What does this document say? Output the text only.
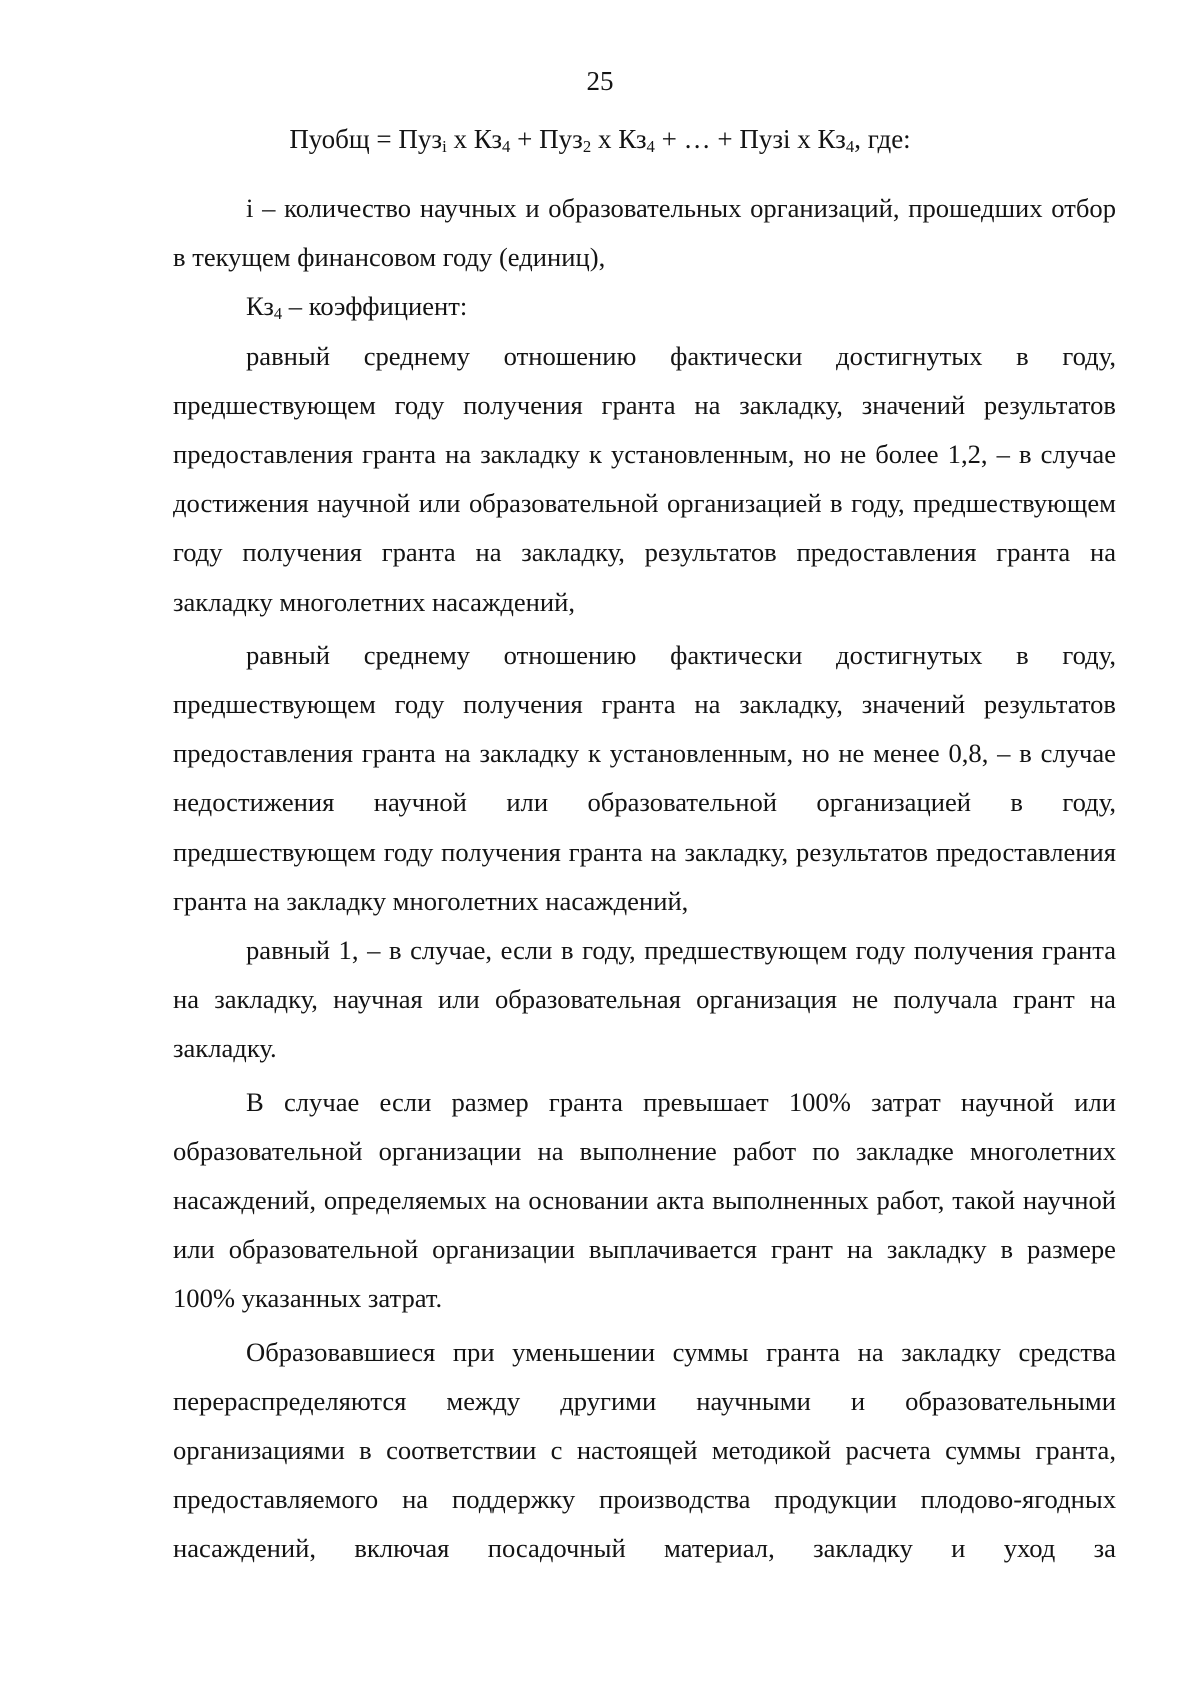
25
Пуобщ = Пуз$_i$ х $Кз_4 + Пуз_2$ х $Кз_4$ + … + Пузi х $Кз_4$, где:

i – количество научных и образовательных организаций, прошедших отбор в текущем финансовом году (единиц),

$Кз_4$ – коэффициент:

равный среднему отношению фактически достигнутых в году, предшествующем году получения гранта на закладку, значений результатов предоставления гранта на закладку к установленным, но не более 1,2, – в случае достижения научной или образовательной организацией в году, предшествующем году получения гранта на закладку, результатов предоставления гранта на закладку многолетних насаждений,

равный среднему отношению фактически достигнутых в году, предшествующем году получения гранта на закладку, значений результатов предоставления гранта на закладку к установленным, но не менее 0,8, – в случае недостижения научной или образовательной организацией в году, предшествующем году получения гранта на закладку, результатов предоставления гранта на закладку многолетних насаждений,

равный 1, – в случае, если в году, предшествующем году получения гранта на закладку, научная или образовательная организация не получала грант на закладку.

В случае если размер гранта превышает 100% затрат научной или образовательной организации на выполнение работ по закладке многолетних насаждений, определяемых на основании акта выполненных работ, такой научной или образовательной организации выплачивается грант на закладку в размере 100% указанных затрат.

Образовавшиеся при уменьшении суммы гранта на закладку средства перераспределяются между другими научными и образовательными организациями в соответствии с настоящей методикой расчета суммы гранта, предоставляемого на поддержку производства продукции плодово-ягодных насаждений, включая посадочный материал, закладку и уход за
